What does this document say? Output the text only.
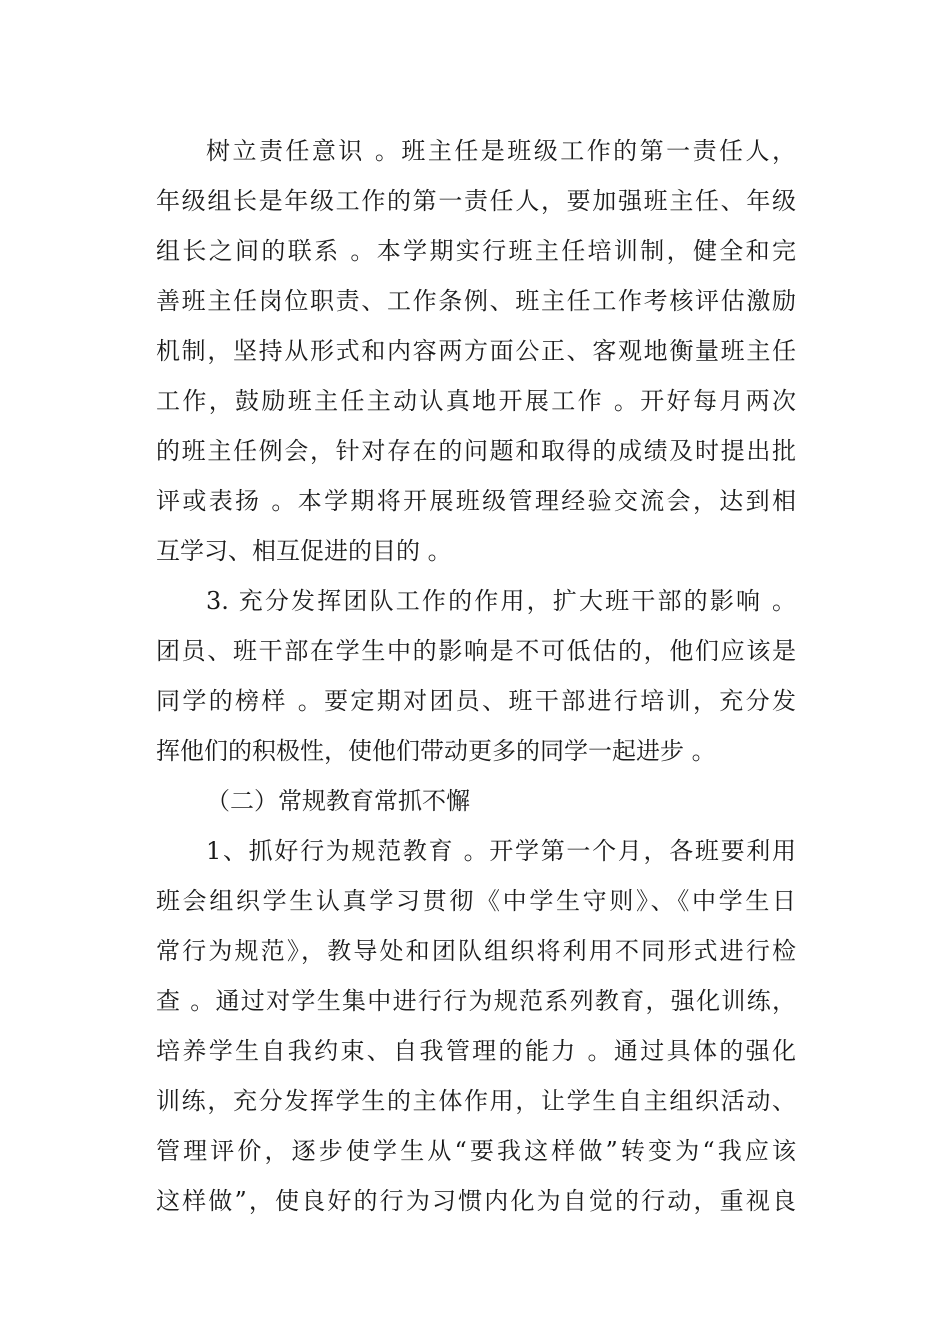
树立责任意识 。班主任是班级工作的第一责任人，
年级组长是年级工作的第一责任人，要加强班主任、年级
组长之间的联系 。本学期实行班主任培训制，健全和完
善班主任岗位职责、工作条例、班主任工作考核评估激励
机制，坚持从形式和内容两方面公正、客观地衡量班主任
工作，鼓励班主任主动认真地开展工作 。开好每月两次
的班主任例会，针对存在的问题和取得的成绩及时提出批
评或表扬 。本学期将开展班级管理经验交流会，达到相
互学习、相互促进的目的 。
3. 充分发挥团队工作的作用，扩大班干部的影响 。
团员、班干部在学生中的影响是不可低估的，他们应该是
同学的榜样 。要定期对团员、班干部进行培训，充分发
挥他们的积极性，使他们带动更多的同学一起进步 。
（二）常规教育常抓不懈
1、抓好行为规范教育 。开学第一个月，各班要利用
班会组织学生认真学习贯彻《中学生守则》、《中学生日
常行为规范》，教导处和团队组织将利用不同形式进行检
查 。通过对学生集中进行行为规范系列教育，强化训练，
培养学生自我约束、自我管理的能力 。通过具体的强化
训练，充分发挥学生的主体作用，让学生自主组织活动、
管理评价，逐步使学生从“要我这样做”转变为“我应该
这样做”，使良好的行为习惯内化为自觉的行动，重视良
